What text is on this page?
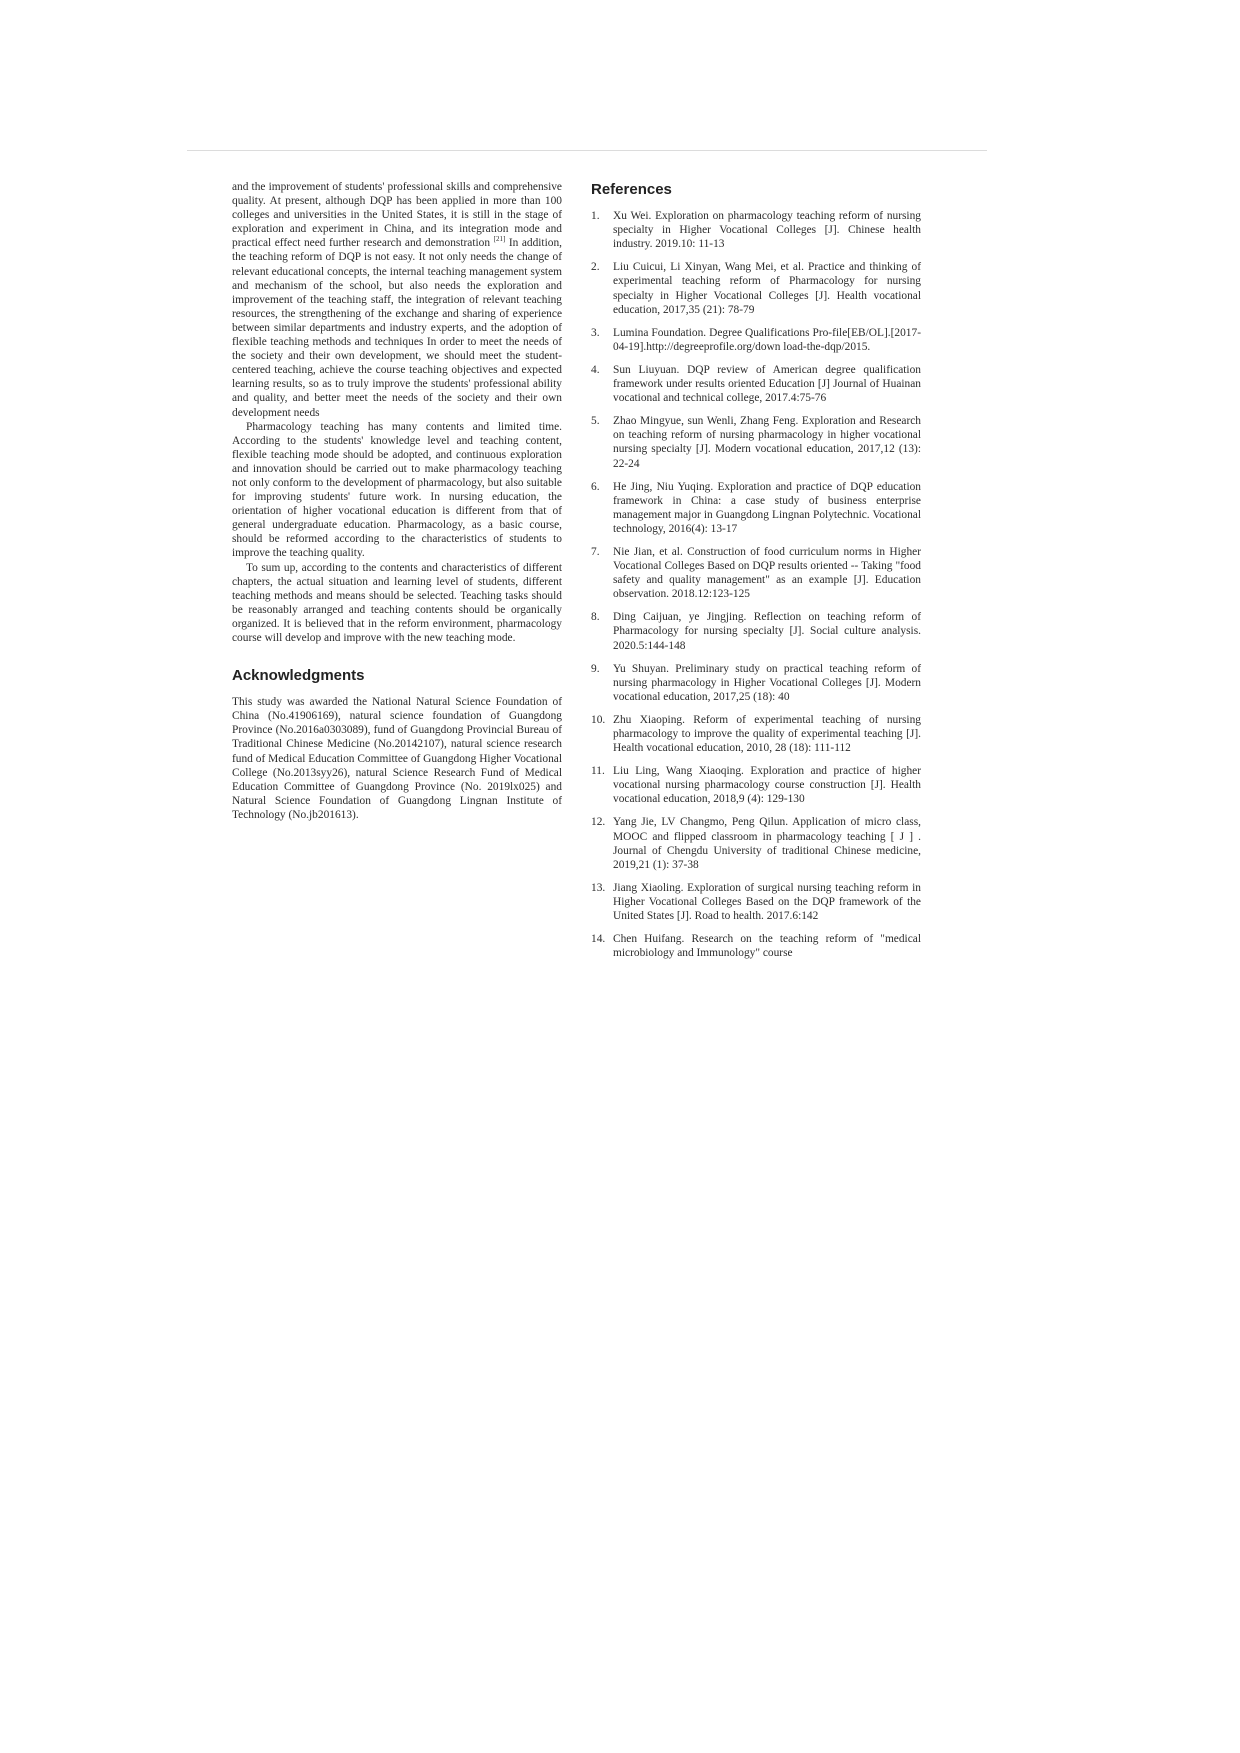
and the improvement of students' professional skills and comprehensive quality. At present, although DQP has been applied in more than 100 colleges and universities in the United States, it is still in the stage of exploration and experiment in China, and its integration mode and practical effect need further research and demonstration [21] In addition, the teaching reform of DQP is not easy. It not only needs the change of relevant educational concepts, the internal teaching management system and mechanism of the school, but also needs the exploration and improvement of the teaching staff, the integration of relevant teaching resources, the strengthening of the exchange and sharing of experience between similar departments and industry experts, and the adoption of flexible teaching methods and techniques In order to meet the needs of the society and their own development, we should meet the student-centered teaching, achieve the course teaching objectives and expected learning results, so as to truly improve the students' professional ability and quality, and better meet the needs of the society and their own development needs

Pharmacology teaching has many contents and limited time. According to the students' knowledge level and teaching content, flexible teaching mode should be adopted, and continuous exploration and innovation should be carried out to make pharmacology teaching not only conform to the development of pharmacology, but also suitable for improving students' future work. In nursing education, the orientation of higher vocational education is different from that of general undergraduate education. Pharmacology, as a basic course, should be reformed according to the characteristics of students to improve the teaching quality.

To sum up, according to the contents and characteristics of different chapters, the actual situation and learning level of students, different teaching methods and means should be selected. Teaching tasks should be reasonably arranged and teaching contents should be organically organized. It is believed that in the reform environment, pharmacology course will develop and improve with the new teaching mode.

Acknowledgments

This study was awarded the National Natural Science Foundation of China (No.41906169), natural science foundation of Guangdong Province (No.2016a0303089), fund of Guangdong Provincial Bureau of Traditional Chinese Medicine (No.20142107), natural science research fund of Medical Education Committee of Guangdong Higher Vocational College (No.2013syy26), natural Science Research Fund of Medical Education Committee of Guangdong Province (No. 2019lx025) and Natural Science Foundation of Guangdong Lingnan Institute of Technology (No.jb201613).

References
1.	Xu Wei. Exploration on pharmacology teaching reform of nursing specialty in Higher Vocational Colleges [J]. Chinese health industry. 2019.10: 11-13
2.	Liu Cuicui, Li Xinyan, Wang Mei, et al. Practice and thinking of experimental teaching reform of Pharmacology for nursing specialty in Higher Vocational Colleges [J]. Health vocational education, 2017,35 (21): 78-79
3.	Lumina Foundation. Degree Qualifications Pro-file[EB/OL].[2017-04-19].http://degreeprofile.org/down load-the-dqp/2015.
4.	Sun Liuyuan. DQP review of American degree qualification framework under results oriented Education [J] Journal of Huainan vocational and technical college, 2017.4:75-76
5.	Zhao Mingyue, sun Wenli, Zhang Feng. Exploration and Research on teaching reform of nursing pharmacology in higher vocational nursing specialty [J]. Modern vocational education, 2017,12 (13): 22-24
6.	He Jing, Niu Yuqing. Exploration and practice of DQP education framework in China: a case study of business enterprise management major in Guangdong Lingnan Polytechnic. Vocational technology, 2016(4): 13-17
7.	Nie Jian, et al. Construction of food curriculum norms in Higher Vocational Colleges Based on DQP results oriented -- Taking "food safety and quality management" as an example [J]. Education observation. 2018.12:123-125
8.	Ding Caijuan, ye Jingjing. Reflection on teaching reform of Pharmacology for nursing specialty [J]. Social culture analysis. 2020.5:144-148
9.	Yu Shuyan. Preliminary study on practical teaching reform of nursing pharmacology in Higher Vocational Colleges [J]. Modern vocational education, 2017,25 (18): 40
10. Zhu Xiaoping. Reform of experimental teaching of nursing pharmacology to improve the quality of experimental teaching [J]. Health vocational education, 2010, 28 (18): 111-112
11. Liu Ling, Wang Xiaoqing. Exploration and practice of higher vocational nursing pharmacology course construction [J]. Health vocational education, 2018,9 (4): 129-130
12. Yang Jie, LV Changmo, Peng Qilun. Application of micro class, MOOC and flipped classroom in pharmacology teaching [ J ] . Journal of Chengdu University of traditional Chinese medicine, 2019,21 (1): 37-38
13. Jiang Xiaoling. Exploration of surgical nursing teaching reform in Higher Vocational Colleges Based on the DQP framework of the United States [J]. Road to health. 2017.6:142
14. Chen Huifang. Research on the teaching reform of "medical microbiology and Immunology" course
